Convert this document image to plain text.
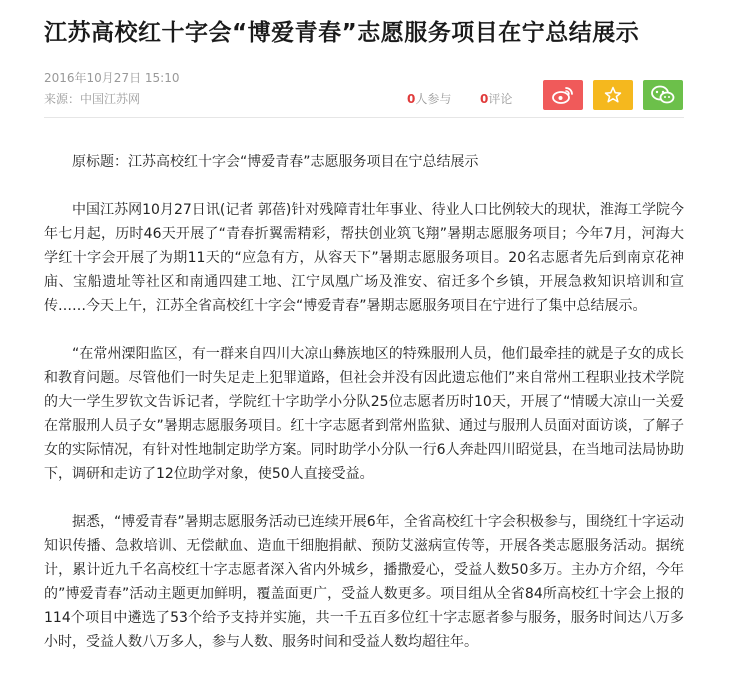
江苏高校红十字会“博爱青春”志愿服务项目在宁总结展示
2016年10月27日 15:10
来源：中国江苏网	0人参与 0评论

原标题：江苏高校红十字会“博爱青春”志愿服务项目在宁总结展示

中国江苏网10月27日讯(记者 郭蓓)针对残障青壮年事业、待业人口比例较大的现状，淮海工学院今年七月起，历时46天开展了“青春折翼需精彩，帮扶创业筑飞翔”暑期志愿服务项目；今年7月，河海大学红十字会开展了为期11天的“应急有方，从容天下”暑期志愿服务项目。20名志愿者先后到南京花神庙、宝船遗址等社区和南通四建工地、江宁凤凰广场及淮安、宿迁多个乡镇，开展急救知识培训和宣传……今天上午，江苏全省高校红十字会“博爱青春”暑期志愿服务项目在宁进行了集中总结展示。

“在常州溧阳监区，有一群来自四川大凉山彝族地区的特殊服刑人员，他们最牵挂的就是子女的成长和教育问题。尽管他们一时失足走上犯罪道路，但社会并没有因此遗忘他们”来自常州工程职业技术学院的大一学生罗钦文告诉记者，学院红十字助学小分队25位志愿者历时10天，开展了“情暖大凉山一关爱在常服刑人员子女”暑期志愿服务项目。红十字志愿者到常州监狱、通过与服刑人员面对面访谈，了解子女的实际情况，有针对性地制定助学方案。同时助学小分队一行6人奔赴四川昭觉县，在当地司法局协助下，调研和走访了12位助学对象，使50人直接受益。

据悉，“博爱青春”暑期志愿服务活动已连续开展6年，全省高校红十字会积极参与，围绕红十字运动知识传播、急救培训、无偿献血、造血干细胞捐献、预防艾滋病宣传等，开展各类志愿服务活动。据统计，累计近九千名高校红十字志愿者深入省内外城乡，播撒爱心，受益人数50多万。主办方介绍，今年的”博爱青春”活动主题更加鲜明，覆盖面更广，受益人数更多。项目组从全省84所高校红十字会上报的114个项目中遴选了53个给予支持并实施，共一千五百多位红十字志愿者参与服务，服务时间达八万多小时，受益人数八万多人，参与人数、服务时间和受益人数均超往年。
